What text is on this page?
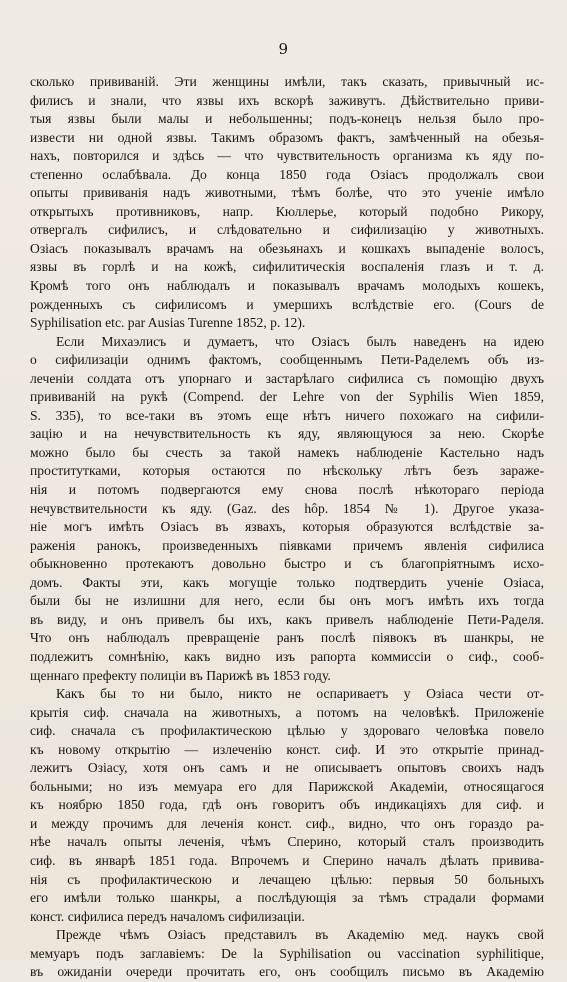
9
сколько прививаній. Эти женщины имѣли, такъ сказать, привычный ис-
филисъ и знали, что язвы ихъ вскорѣ заживутъ. Дѣйствительно приви-
тыя язвы были малы и небольшенны; подъ-конецъ нельзя было про-
извести ни одной язвы. Такимъ образомъ фактъ, замѣченный на обезья-
нахъ, повторился и здѣсь — что чувствительность организма къ яду по-
степенно ослабѣвала. До конца 1850 года Озіасъ продолжалъ свои
опыты прививанія надъ животными, тѣмъ болѣе, что это ученіе имѣло
открытыхъ противниковъ, напр. Кюллерье, который подобно Рикору,
отвергалъ сифилисъ, и слѣдовательно и сифилизацію у животныхъ.
Озіасъ показывалъ врачамъ на обезьянахъ и кошкахъ выпаденіе волосъ,
язвы въ горлѣ и на кожѣ, сифилитическія воспаленія глазъ и т. д.
Кромѣ того онъ наблюдалъ и показывалъ врачамъ молодыхъ кошекъ,
рожденныхъ съ сифилисомъ и умершихъ вслѣдствіе его. (Cours de
Syphilisation etc. par Ausias Turenne 1852, p. 12).
Если Михаэлисъ и думаетъ, что Озіасъ былъ наведенъ на идею
о сифилизаціи однимъ фактомъ, сообщеннымъ Пети-Раделемъ объ из-
леченіи солдата отъ упорнаго и застарѣлаго сифилиса съ помощію двухъ
прививаній на рукѣ (Compend. der Lehre von der Syphilis Wien 1859,
S. 335), то все-таки въ этомъ еще нѣтъ ничего похожаго на сифили-
зацію и на нечувствительность къ яду, являющуюся за нею. Скорѣе
можно было бы счесть за такой намекъ наблюденіе Кастельно надъ
проститутками, которыя остаются по нѣскольку лѣтъ безъ зараже-
нія и потомъ подвергаются ему снова послѣ нѣкотораго періода
нечувствительности къ яду. (Gaz. des hôp. 1854 № 1). Другое указа-
ніе могъ имѣть Озіасъ въ язвахъ, которыя образуются вслѣдствіе за-
раженія ранокъ, произведенныхъ піявками причемъ явленія сифилиса
обыкновенно протекаютъ довольно быстро и съ благопріятнымъ исхо-
домъ. Факты эти, какъ могущіе только подтвердить ученіе Озіаса,
были бы не излишни для него, если бы онъ могъ имѣть ихъ тогда
въ виду, и онъ привелъ бы ихъ, какъ привелъ наблюденіе Пети-Раделя.
Что онъ наблюдалъ превращеніе ранъ послѣ піявокъ въ шанкры, не
подлежитъ сомнѣнію, какъ видно изъ рапорта коммиссіи о сиф., сооб-
щеннаго префекту полиціи въ Парижѣ въ 1853 году.
Какъ бы то ни было, никто не оспариваетъ у Озіаса чести от-
крытія сиф. сначала на животныхъ, а потомъ на человѣкѣ. Приложеніе
сиф. сначала съ профилактическою цѣлью у здороваго человѣка повело
къ новому открытію — излеченію конст. сиф. И это открытіе принад-
лежитъ Озіасу, хотя онъ самъ и не описываетъ опытовъ своихъ надъ
больными; но изъ мемуара его для Парижской Академіи, относящагося
къ ноябрю 1850 года, гдѣ онъ говоритъ объ индикаціяхъ для сиф. и
и между прочимъ для леченія конст. сиф., видно, что онъ гораздо ра-
нѣе началъ опыты леченія, чѣмъ Сперино, который сталъ производить
сиф. въ январѣ 1851 года. Впрочемъ и Сперино началъ дѣлать привива-
нія съ профилактическою и лечащею цѣлью: первыя 50 больныхъ
его имѣли только шанкры, а послѣдующія за тѣмъ страдали формами
конст. сифилиса передъ началомъ сифилизаціи.
Прежде чѣмъ Озіасъ представилъ въ Академію мед. наукъ свой
мемуаръ подъ заглавіемъ: De la Syphilisation ou vaccination syphilitique,
въ ожиданіи очереди прочитать его, онъ сообщилъ письмо въ Академію
